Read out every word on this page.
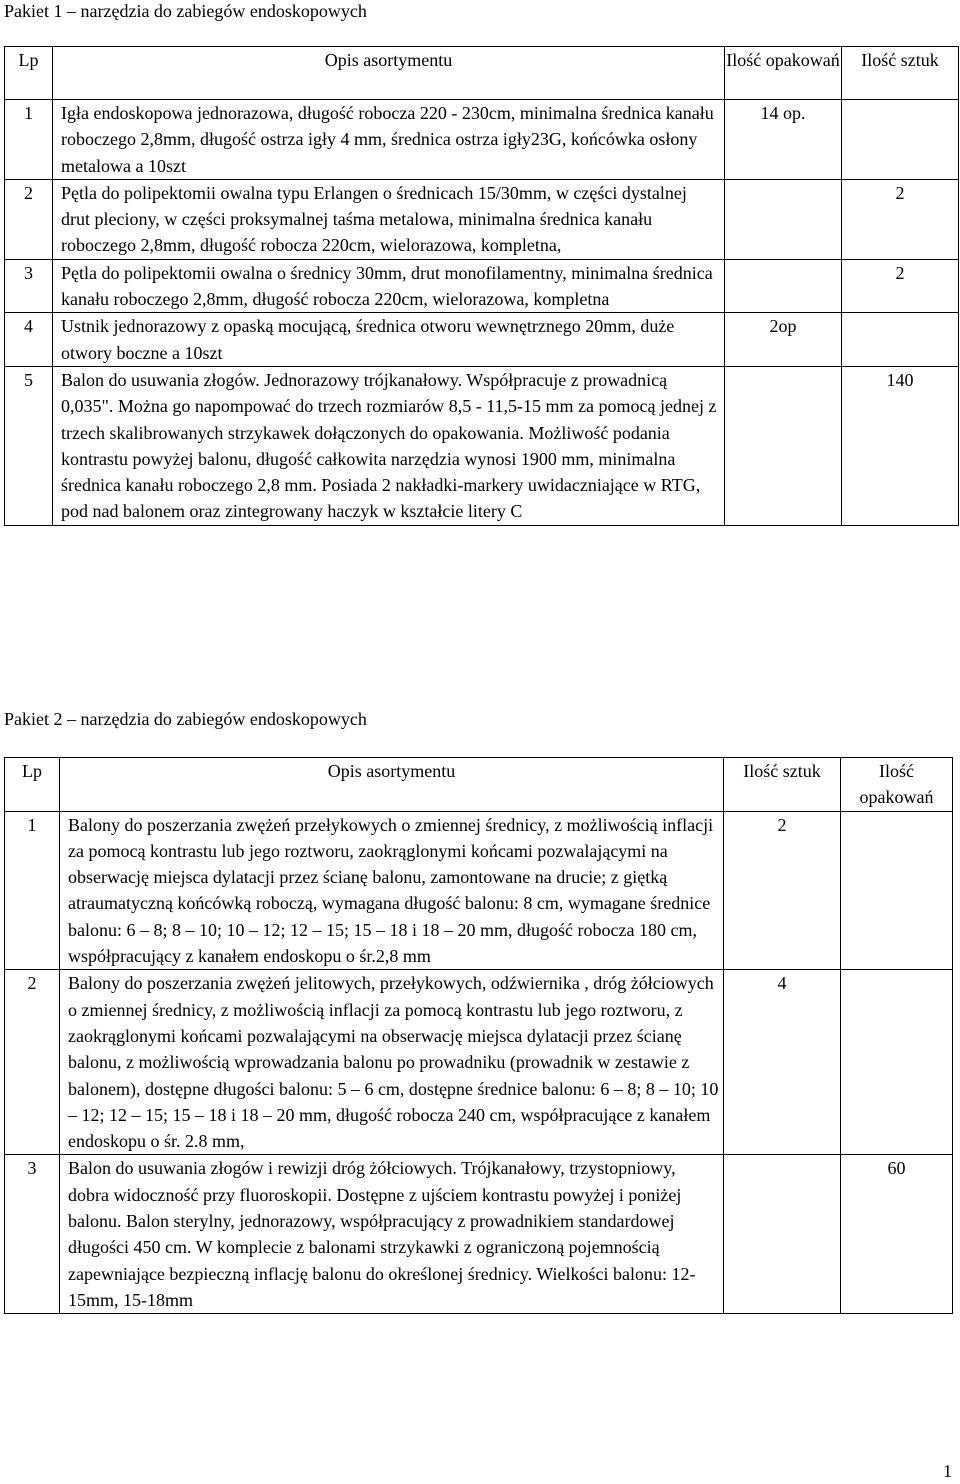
Pakiet 1 – narzędzia do zabiegów endoskopowych
Lp	Opis asortymentu	Ilość opakowań	Ilość sztuk
1	Igła endoskopowa jednorazowa, długość robocza 220 - 230cm, minimalna średnica kanału roboczego 2,8mm, długość ostrza igły 4 mm, średnica ostrza igły23G, końcówka osłony metalowa a 10szt	14 op.	
2	Pętla do polipektomii owalna typu Erlangen o średnicach 15/30mm, w części dystalnej drut pleciony, w części proksymalnej taśma metalowa, minimalna średnica kanału roboczego 2,8mm, długość robocza 220cm, wielorazowa, kompletna,		2
3	Pętla do polipektomii owalna o średnicy 30mm, drut monofilamentny, minimalna średnica kanału roboczego 2,8mm, długość robocza 220cm, wielorazowa, kompletna		2
4	Ustnik jednorazowy z opaską mocującą, średnica otworu wewnętrznego 20mm, duże otwory boczne a 10szt	2op	
5	Balon do usuwania złogów. Jednorazowy trójkanałowy. Współpracuje z prowadnicą 0,035". Można go napompować do trzech rozmiarów 8,5 - 11,5-15 mm za pomocą jednej z trzech skalibrowanych strzykawek dołączonych do opakowania. Możliwość podania kontrastu powyżej balonu, długość całkowita narzędzia wynosi 1900 mm, minimalna średnica kanału roboczego 2,8 mm. Posiada 2 nakładki-markery uwidaczniające w RTG, pod nad balonem oraz zintegrowany haczyk w kształcie litery C		140
Pakiet 2 – narzędzia do zabiegów endoskopowych
Lp	Opis asortymentu	Ilość sztuk	Ilość opakowań
1	Balony do poszerzania zwężeń przełykowych o zmiennej średnicy, z możliwością inflacji za pomocą kontrastu lub jego roztworu, zaokrąglonymi końcami pozwalającymi na obserwację miejsca dylatacji przez ścianę balonu, zamontowane na drucie; z giętką atraumatyczną końcówką roboczą, wymagana długość balonu: 8 cm, wymagane średnice balonu: 6 – 8; 8 – 10; 10 – 12; 12 – 15; 15 – 18 i 18 – 20 mm, długość robocza 180 cm, współpracujący z kanałem endoskopu o śr.2,8 mm	2	
2	Balony do poszerzania zwężeń jelitowych, przełykowych, odźwiernika , dróg żółciowych o zmiennej średnicy, z możliwością inflacji za pomocą kontrastu lub jego roztworu, z zaokrąglonymi końcami pozwalającymi na obserwację miejsca dylatacji przez ścianę balonu, z możliwością wprowadzania balonu po prowadniku (prowadnik w zestawie z balonem), dostępne długości balonu: 5 – 6 cm, dostępne średnice balonu: 6 – 8; 8 – 10; 10 – 12; 12 – 15; 15 – 18 i 18 – 20 mm, długość robocza 240 cm, współpracujące z kanałem endoskopu o śr. 2.8 mm,	4	
3	Balon do usuwania złogów i rewizji dróg żółciowych. Trójkanałowy, trzystopniowy, dobra widoczność przy fluoroskopii. Dostępne z ujściem kontrastu powyżej i poniżej balonu. Balon sterylny, jednorazowy, współpracujący z prowadnikiem standardowej długości 450 cm. W komplecie z balonami strzykawki z ograniczoną pojemnością zapewniające bezpieczną inflację balonu do określonej średnicy. Wielkości balonu: 12-15mm, 15-18mm		60
1
